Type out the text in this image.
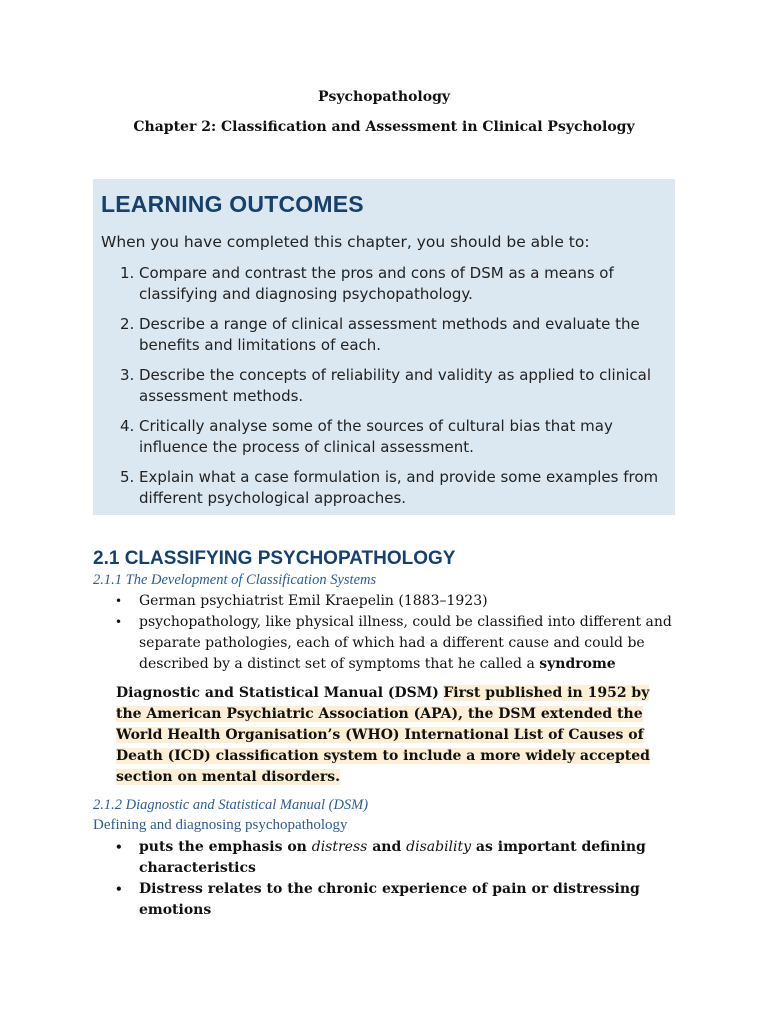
Psychopathology
Chapter 2: Classification and Assessment in Clinical Psychology
LEARNING OUTCOMES
When you have completed this chapter, you should be able to:
1. Compare and contrast the pros and cons of DSM as a means of classifying and diagnosing psychopathology.
2. Describe a range of clinical assessment methods and evaluate the benefits and limitations of each.
3. Describe the concepts of reliability and validity as applied to clinical assessment methods.
4. Critically analyse some of the sources of cultural bias that may influence the process of clinical assessment.
5. Explain what a case formulation is, and provide some examples from different psychological approaches.
2.1 CLASSIFYING PSYCHOPATHOLOGY
2.1.1 The Development of Classification Systems
• German psychiatrist Emil Kraepelin (1883–1923)
• psychopathology, like physical illness, could be classified into different and separate pathologies, each of which had a different cause and could be described by a distinct set of symptoms that he called a syndrome
Diagnostic and Statistical Manual (DSM) First published in 1952 by the American Psychiatric Association (APA), the DSM extended the World Health Organisation’s (WHO) International List of Causes of Death (ICD) classification system to include a more widely accepted section on mental disorders.
2.1.2 Diagnostic and Statistical Manual (DSM)
Defining and diagnosing psychopathology
• puts the emphasis on distress and disability as important defining characteristics
• Distress relates to the chronic experience of pain or distressing emotions
